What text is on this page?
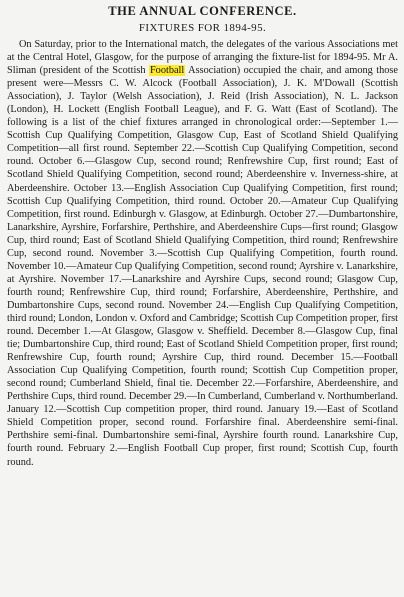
THE ANNUAL CONFERENCE.
FIXTURES FOR 1894-95.

On Saturday, prior to the International match, the delegates of the various Associations met at the Central Hotel, Glasgow, for the purpose of arranging the fixture-list for 1894-95. Mr A. Sliman (president of the Scottish Football Association) occupied the chair, and among those present were—Messrs C. W. Alcock (Football Association), J. K. M'Dowall (Scottish Association), J. Taylor (Welsh Association), J. Reid (Irish Association), N. L. Jackson (London), H. Lockett (English Football League), and F. G. Watt (East of Scotland). The following is a list of the chief fixtures arranged in chronological order:—September 1.—Scottish Cup Qualifying Competition, Glasgow Cup, East of Scotland Shield Qualifying Competition—all first round. September 22.—Scottish Cup Qualifying Competition, second round. October 6.—Glasgow Cup, second round; Renfrewshire Cup, first round; East of Scotland Shield Qualifying Competition, second round; Aberdeenshire v. Inverness-shire, at Aberdeenshire. October 13.—English Association Cup Qualifying Competition, first round; Scottish Cup Qualifying Competition, third round. October 20.—Amateur Cup Qualifying Competition, first round. Edinburgh v. Glasgow, at Edinburgh. October 27.—Dumbartonshire, Lanarkshire, Ayrshire, Forfarshire, Perthshire, and Aberdeenshire Cups—first round; Glasgow Cup, third round; East of Scotland Shield Qualifying Competition, third round; Renfrewshire Cup, second round. November 3.—Scottish Cup Qualifying Competition, fourth round. November 10.—Amateur Cup Qualifying Competition, second round; Ayrshire v. Lanarkshire, at Ayrshire. November 17.—Lanarkshire and Ayrshire Cups, second round; Glasgow Cup, fourth round; Renfrewshire Cup, third round; Forfarshire, Aberdeenshire, Perthshire, and Dumbartonshire Cups, second round. November 24.—English Cup Qualifying Competition, third round; London, London v. Oxford and Cambridge; Scottish Cup Competition proper, first round. December 1.—At Glasgow, Glasgow v. Sheffield. December 8.—Glasgow Cup, final tie; Dumbartonshire Cup, third round; East of Scotland Shield Competition proper, first round; Renfrewshire Cup, fourth round; Ayrshire Cup, third round. December 15.—Football Association Cup Qualifying Competition, fourth round; Scottish Cup Competition proper, second round; Cumberland Shield, final tie. December 22.—Forfarshire, Aberdeenshire, and Perthshire Cups, third round. December 29.—In Cumberland, Cumberland v. Northumberland. January 12.—Scottish Cup competition proper, third round. January 19.—East of Scotland Shield Competition proper, second round. Forfarshire final. Aberdeenshire semi-final. Perthshire semi-final. Dumbartonshire semi-final, Ayrshire fourth round. Lanarkshire Cup, fourth round. February 2.—English Football Cup proper, first round; Scottish Cup, fourth round.
